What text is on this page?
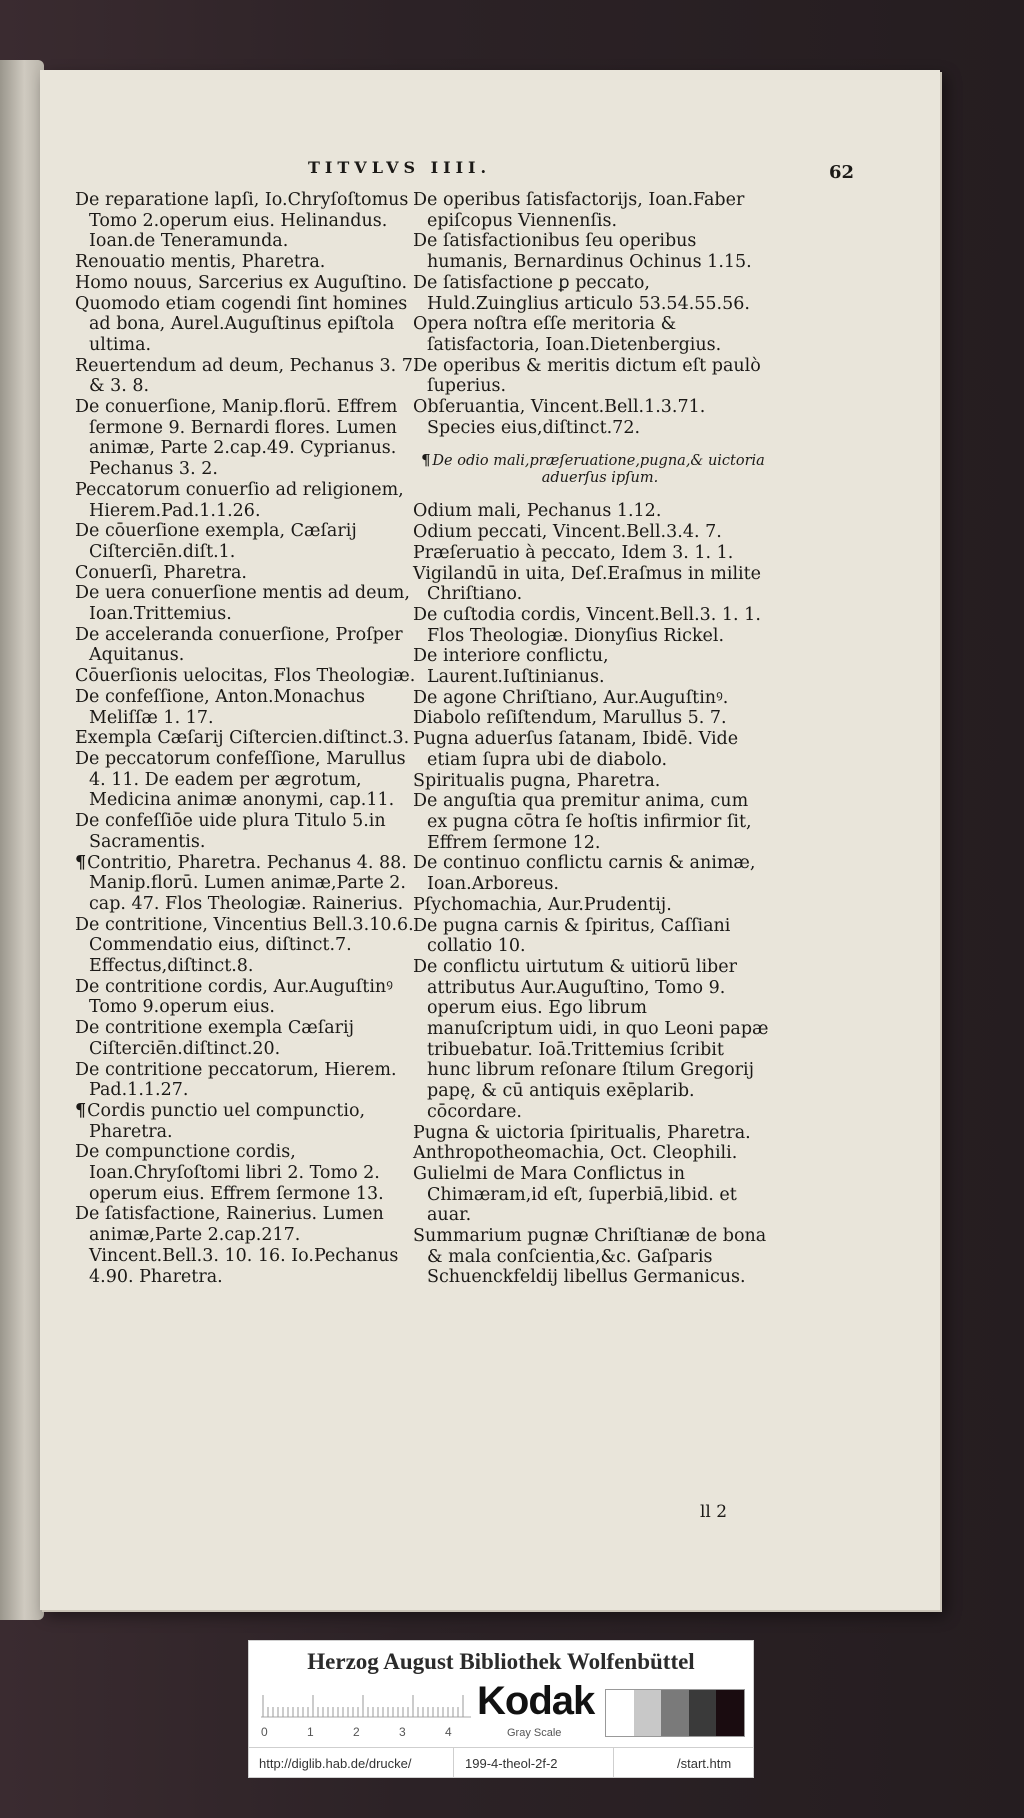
TITVLVS IIII.	62

De reparatione lapſi, Io.Chryſoſtomus Tomo 2.operum eius. Helinandus. Ioan.de Teneramunda.

Renouatio mentis, Pharetra.

Homo nouus, Sarcerius ex Auguſtino.

Quomodo etiam cogendi ſint homines ad bona, Aurel.Auguſtinus epiſtola ultima.

Reuertendum ad deum, Pechanus 3. 7. & 3. 8.

De conuerſione, Manip.florū. Effrem ſermone 9. Bernardi flores. Lumen animæ, Parte 2.cap.49. Cyprianus. Pechanus 3. 2.

Peccatorum conuerſio ad religionem, Hierem.Pad.1.1.26.

De cōuerſione exempla, Cæſarij Ciſterciēn.diſt.1.

Conuerſi, Pharetra.

De uera conuerſione mentis ad deum, Ioan.Trittemius.

De acceleranda conuerſione, Proſper Aquitanus.

Cōuerſionis uelocitas, Flos Theologiæ.

De confeſſione, Anton.Monachus Meliſſæ 1. 17.

Exempla Cæſarij Ciſtercien.diſtinct.3.

De peccatorum confeſſione, Marullus 4. 11. De eadem per ægrotum, Medicina animæ anonymi, cap.11.

De confeſſiōe uide plura Titulo 5.in Sacramentis.

¶ Contritio, Pharetra. Pechanus 4. 88. Manip.florū. Lumen animæ,Parte 2. cap. 47. Flos Theologiæ. Rainerius.

De contritione, Vincentius Bell.3.10.6. Commendatio eius, diſtinct.7. Effectus,diſtinct.8.

De contritione cordis, Aur.Auguſtinꝰ Tomo 9.operum eius.

De contritione exempla Cæſarij Ciſterciēn.diſtinct.20.

De contritione peccatorum, Hierem. Pad.1.1.27.

¶ Cordis punctio uel compunctio, Pharetra.

De compunctione cordis, Ioan.Chryſoſtomi libri 2. Tomo 2. operum eius. Effrem ſermone 13.

De ſatisfactione, Rainerius. Lumen animæ,Parte 2.cap.217. Vincent.Bell.3. 10. 16. Io.Pechanus 4.90. Pharetra.

De operibus ſatisfactorijs, Ioan.Faber epiſcopus Viennenſis.

De ſatisfactionibus ſeu operibus humanis, Bernardinus Ochinus 1.15.

De ſatisfactione ꝑ peccato, Huld.Zuinglius articulo 53.54.55.56.

Opera noſtra eſſe meritoria & ſatisfactoria, Ioan.Dietenbergius.

De operibus & meritis dictum eſt paulò ſuperius.

Obſeruantia, Vincent.Bell.1.3.71. Species eius,diſtinct.72.

¶ De odio mali,præſeruatione,pugna,& uictoria aduerſus ipſum.

Odium mali, Pechanus 1.12.

Odium peccati, Vincent.Bell.3.4. 7.

Præſeruatio à peccato, Idem 3. 1. 1.

Vigilandū in uita, Deſ.Eraſmus in milite Chriſtiano.

De cuſtodia cordis, Vincent.Bell.3. 1. 1. Flos Theologiæ. Dionyſius Rickel.

De interiore conflictu, Laurent.Iuſtinianus.

De agone Chriſtiano, Aur.Auguſtinꝰ.

Diabolo reſiſtendum, Marullus 5. 7.

Pugna aduerſus ſatanam, Ibidē. Vide etiam ſupra ubi de diabolo.

Spiritualis pugna, Pharetra.

De anguſtia qua premitur anima, cum ex pugna cōtra ſe hoſtis infirmior ſit, Effrem ſermone 12.

De continuo conflictu carnis & animæ, Ioan.Arboreus.

Pſychomachia, Aur.Prudentij.

De pugna carnis & ſpiritus, Caſſiani collatio 10.

De conflictu uirtutum & uitiorū liber attributus Aur.Auguſtino, Tomo 9. operum eius. Ego librum manuſcriptum uidi, in quo Leoni papæ tribuebatur. Ioā.Trittemius ſcribit hunc librum reſonare ſtilum Gregorij papę, & cū antiquis exēplarib. cōcordare.

Pugna & uictoria ſpiritualis, Pharetra.

Anthropotheomachia, Oct. Cleophili.

Gulielmi de Mara Conflictus in Chimæram,id eſt, ſuperbiā,libid. et auar.

Summarium pugnæ Chriſtianæ de bona & mala conſcientia,&c. Gaſparis Schuenckfeldij libellus Germanicus.

ll 2
Herzog August Bibliothek Wolfenbüttel
0	1	2	3	4
Kodak
Gray Scale
http://diglib.hab.de/drucke/	199-4-theol-2f-2	/start.htm
